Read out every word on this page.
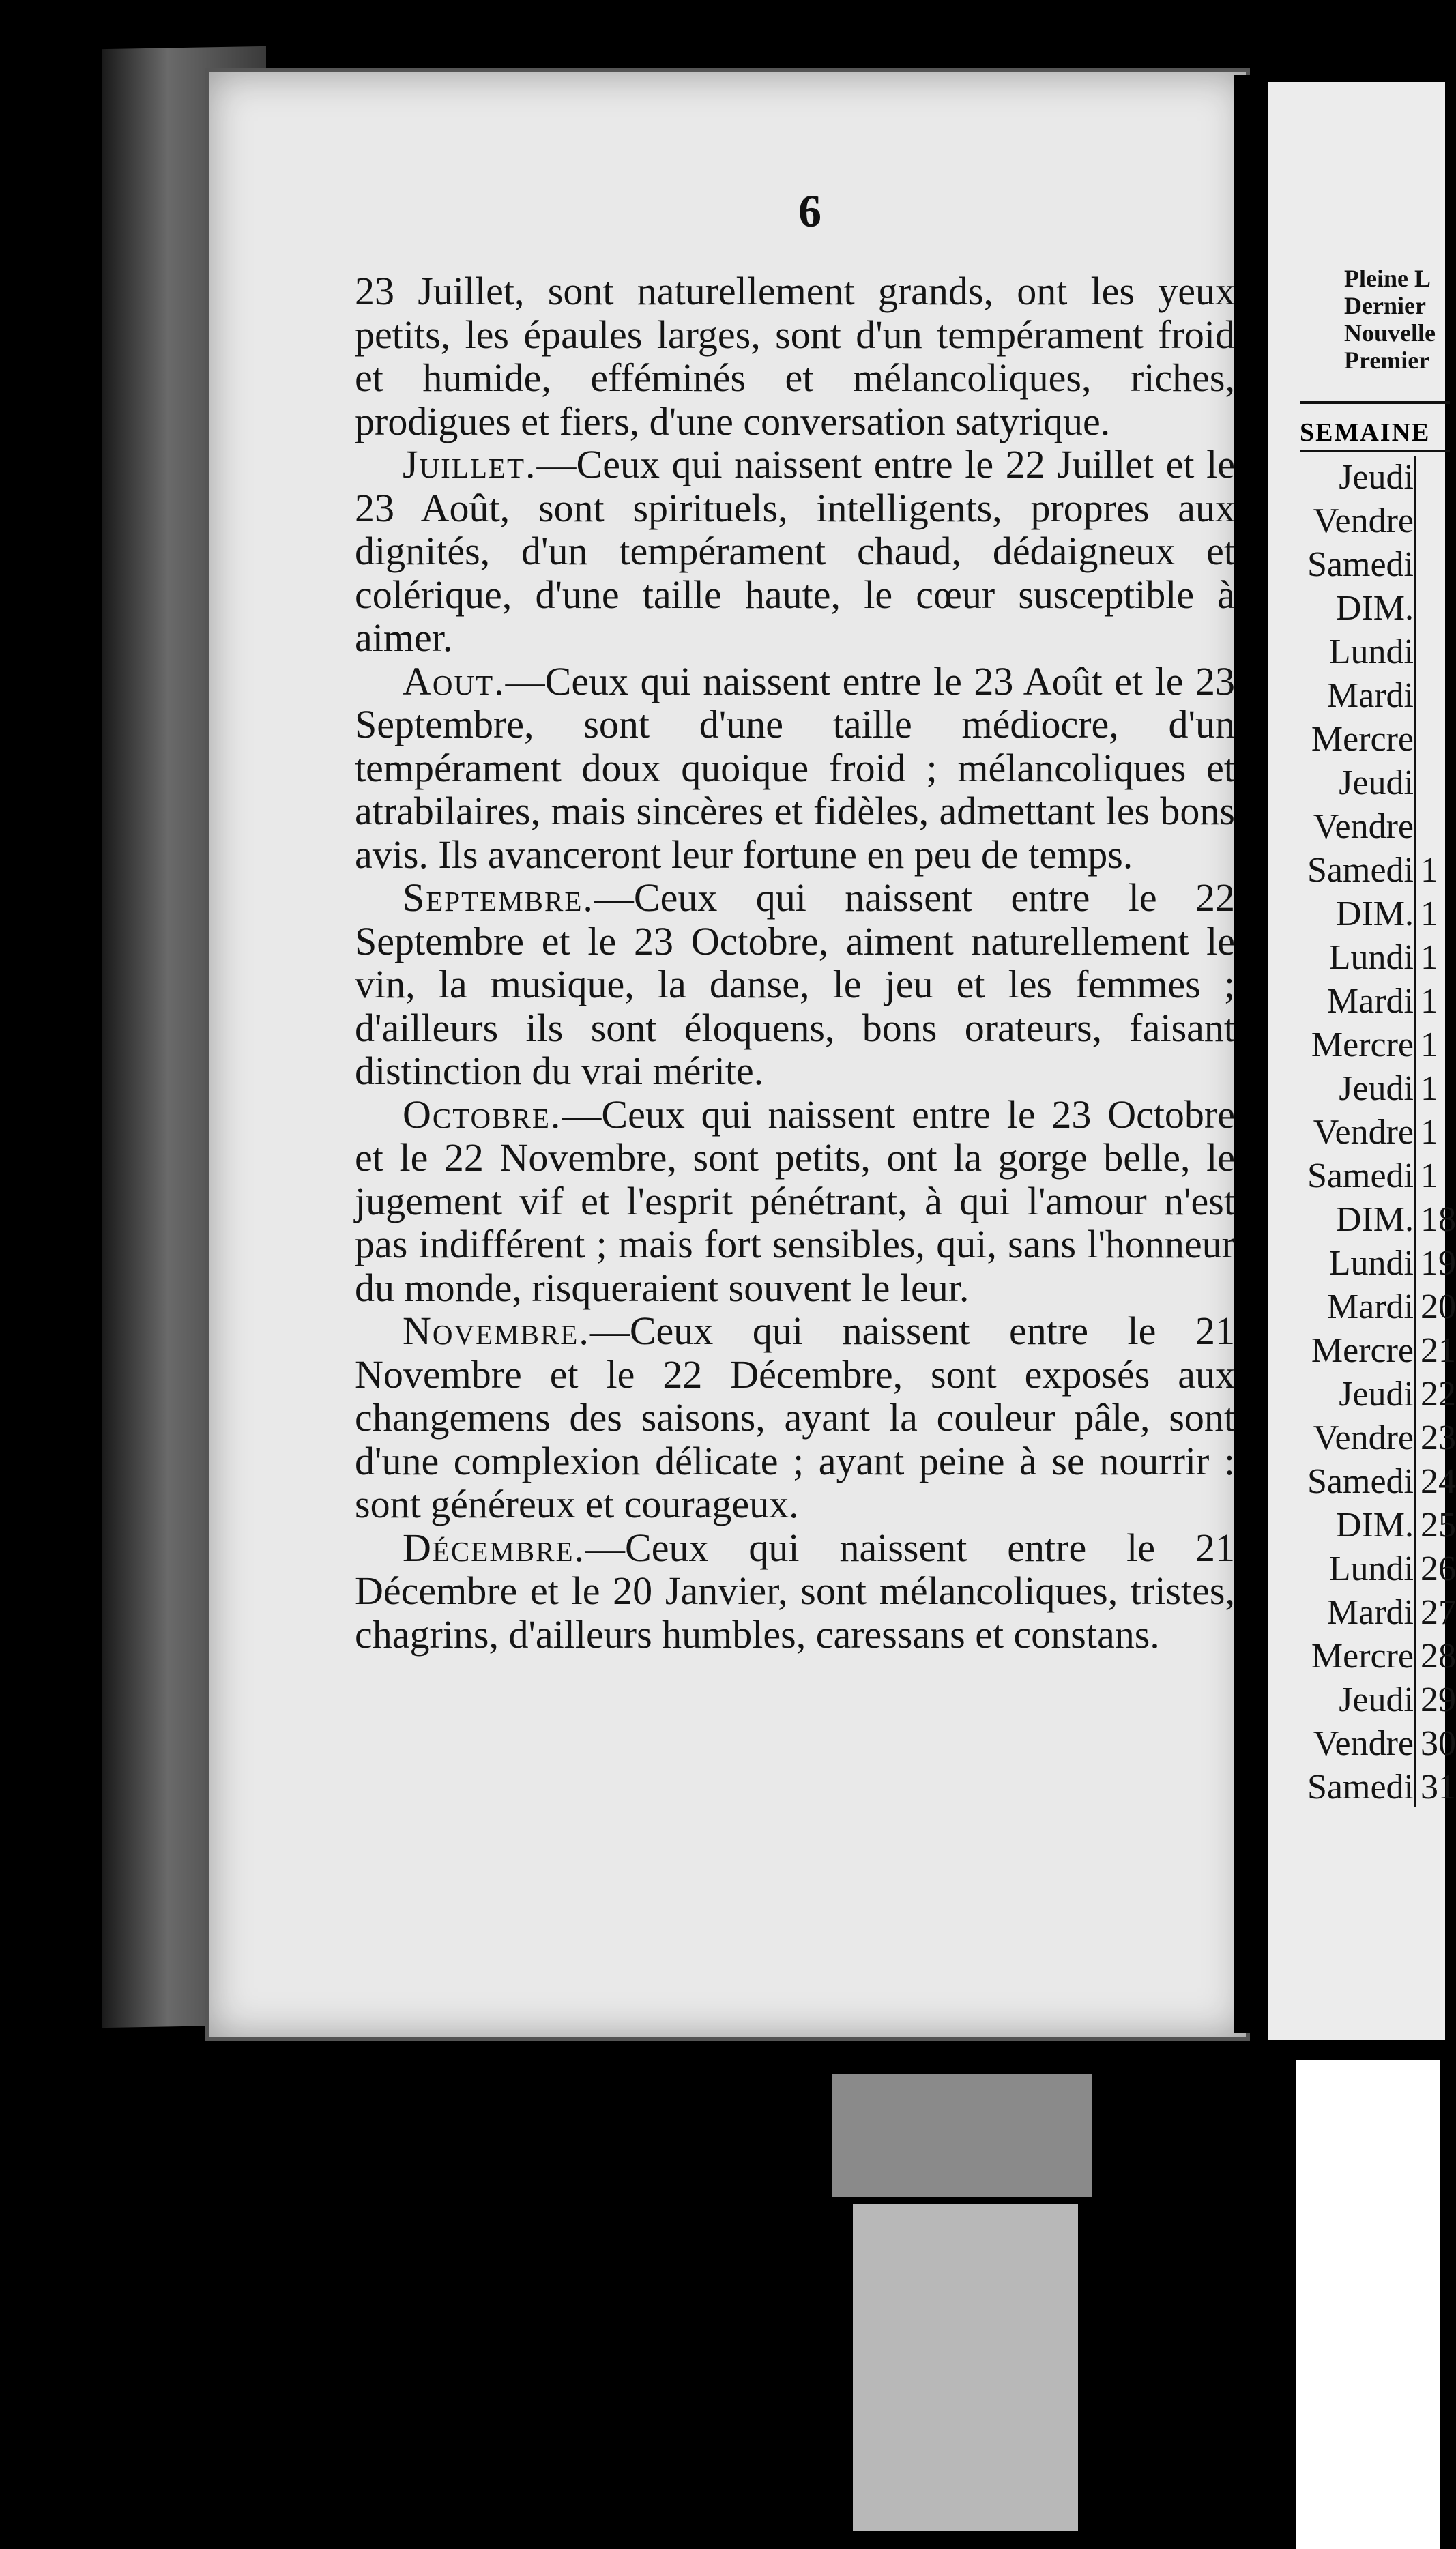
6

23 Juillet, sont naturellement grands, ont les yeux petits, les épaules larges, sont d'un tempérament froid et humide, efféminés et mélancoliques, riches, prodigues et fiers, d'une conversation satyrique.

Juillet.—Ceux qui naissent entre le 22 Juillet et le 23 Août, sont spirituels, intelligents, propres aux dignités, d'un tempérament chaud, dédaigneux et colérique, d'une taille haute, le cœur susceptible à aimer.

Aout.—Ceux qui naissent entre le 23 Août et le 23 Septembre, sont d'une taille médiocre, d'un tempérament doux quoique froid ; mélancoliques et atrabilaires, mais sincères et fidèles, admettant les bons avis. Ils avanceront leur fortune en peu de temps.

Septembre.—Ceux qui naissent entre le 22 Septembre et le 23 Octobre, aiment naturellement le vin, la musique, la danse, le jeu et les femmes ; d'ailleurs ils sont éloquens, bons orateurs, faisant distinction du vrai mérite.

Octobre.—Ceux qui naissent entre le 23 Octobre et le 22 Novembre, sont petits, ont la gorge belle, le jugement vif et l'esprit pénétrant, à qui l'amour n'est pas indifférent ; mais fort sensibles, qui, sans l'honneur du monde, risqueraient souvent le leur.

Novembre.—Ceux qui naissent entre le 21 Novembre et le 22 Décembre, sont exposés aux changemens des saisons, ayant la couleur pâle, sont d'une complexion délicate ; ayant peine à se nourrir : sont généreux et courageux.

Décembre.—Ceux qui naissent entre le 21 Décembre et le 20 Janvier, sont mélancoliques, tristes, chagrins, d'ailleurs humbles, caressans et constans.

Pleine L
Dernier
Nouvelle
Premier
SEMAINE
Jeudi
Vendre
Samedi
DIM.
Lundi
Mardi
Mercre
Jeudi
Vendre
Samedi
DIM.
Lundi
Mardi
Mercre
Jeudi
Vendre
Samedi
DIM.
Lundi
Mardi
Mercre
Jeudi
Vendre
Samedi
DIM.
Lundi
Mardi
Mercre
Jeudi
Vendre
Samedi
1
1
1
1
1
1
1
1
18
19
20
21
22
23
24
25
26
27
28
29
30
31
